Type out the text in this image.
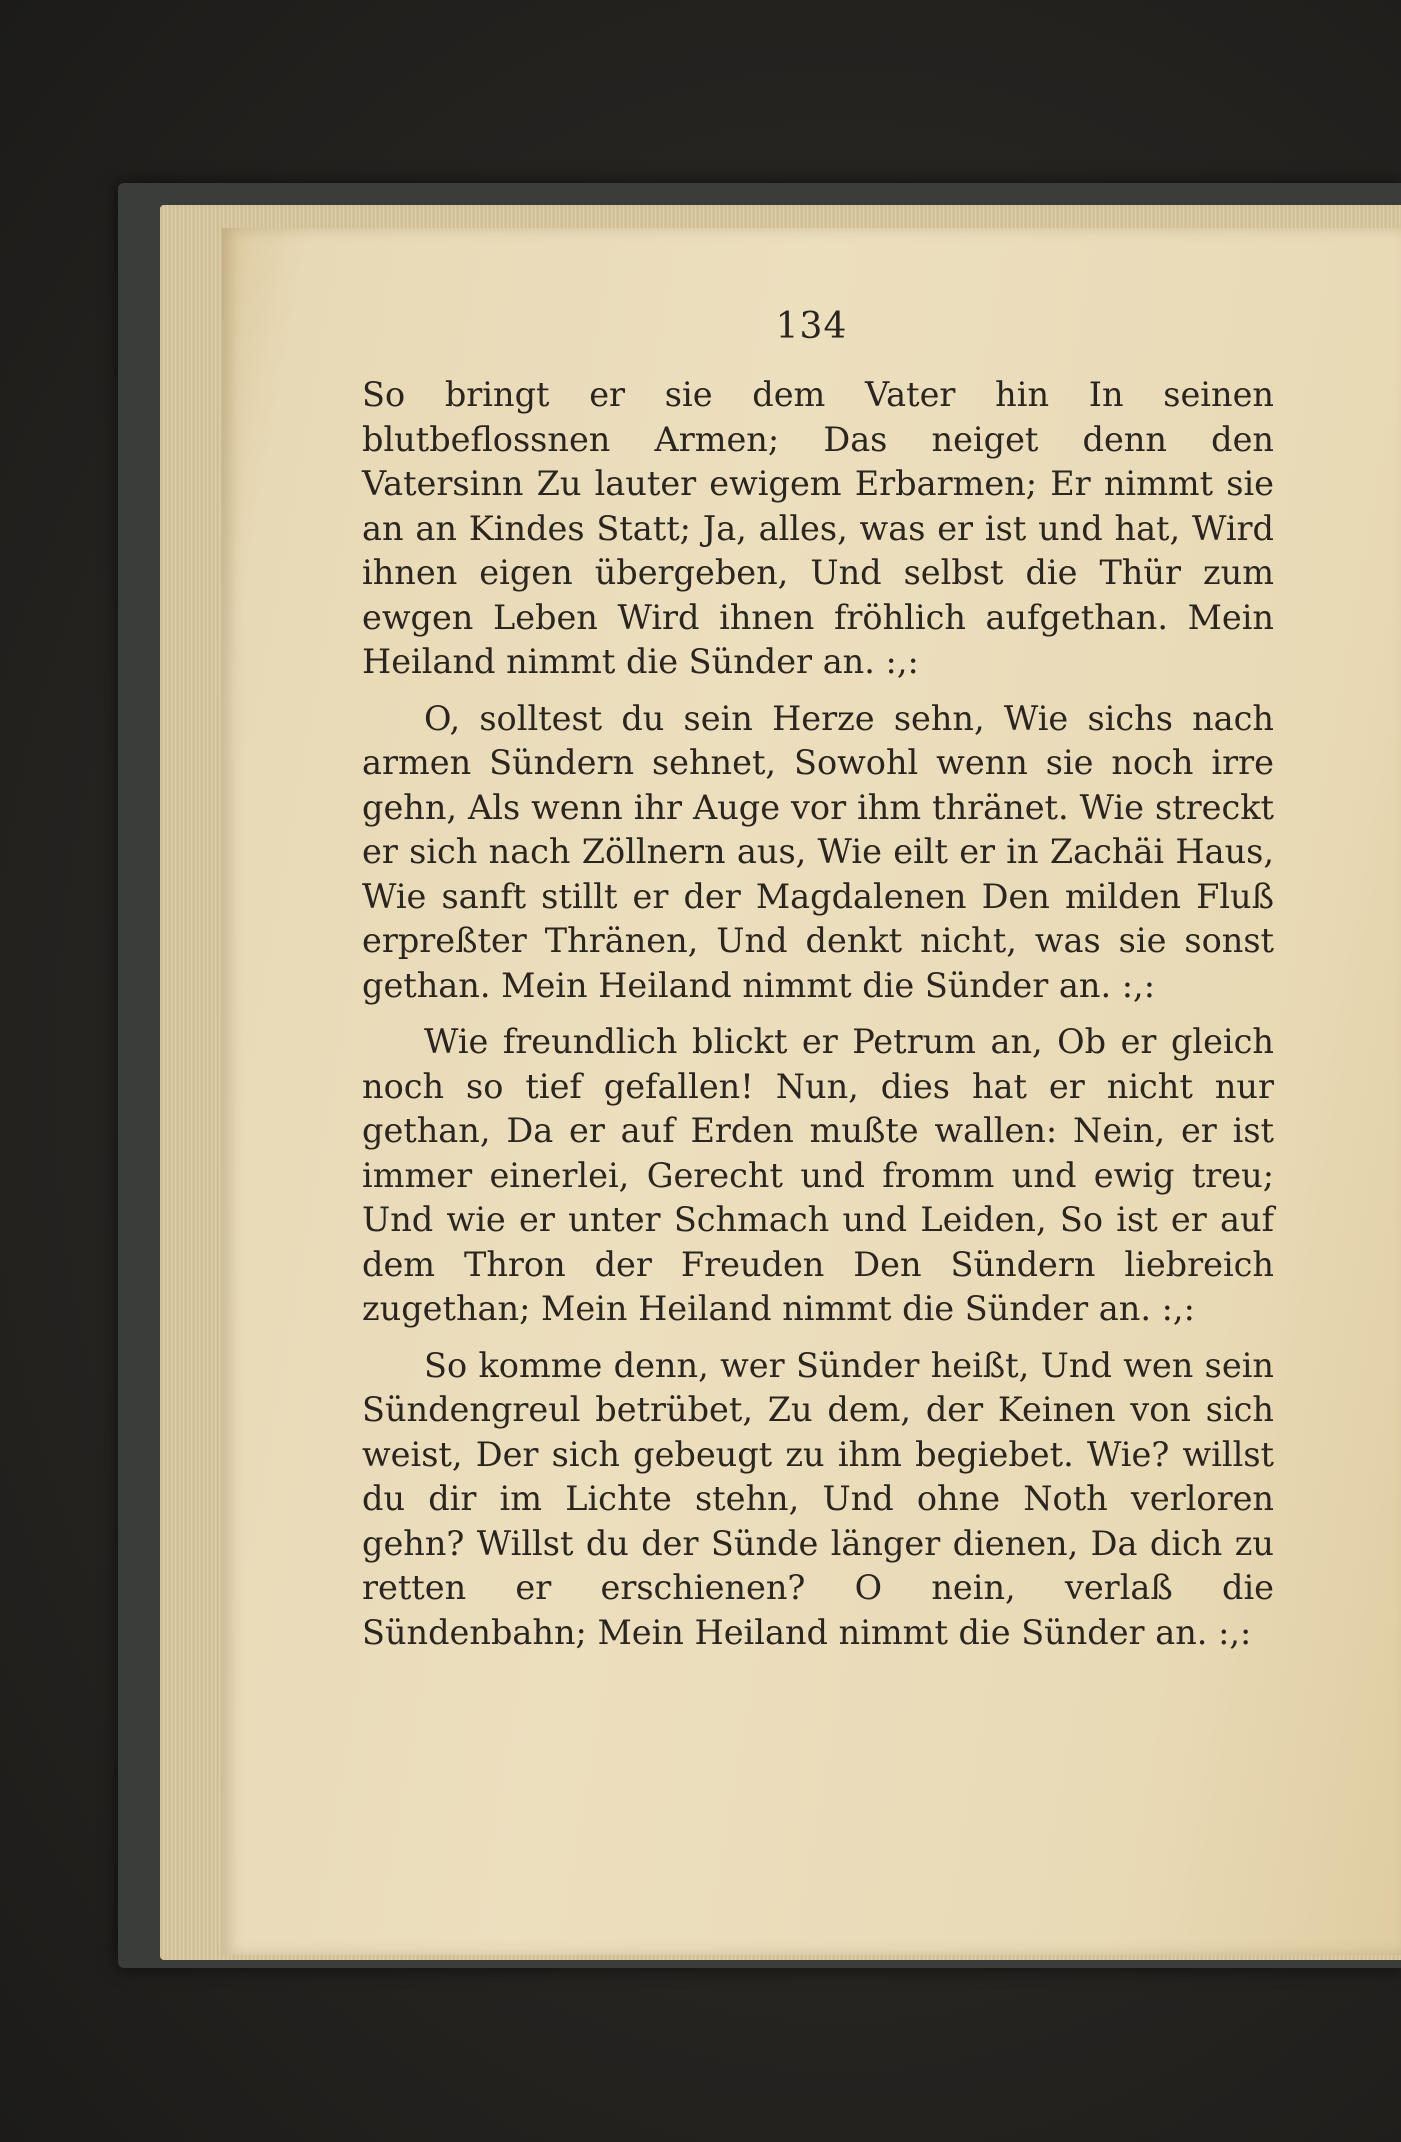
134

So bringt er sie dem Vater hin In seinen blutbeflossnen Armen; Das neiget denn den Vatersinn Zu lauter ewigem Erbarmen; Er nimmt sie an an Kindes Statt; Ja, alles, was er ist und hat, Wird ihnen eigen übergeben, Und selbst die Thür zum ewgen Leben Wird ihnen fröhlich aufgethan. Mein Heiland nimmt die Sünder an. :,:

O, solltest du sein Herze sehn, Wie sichs nach armen Sündern sehnet, Sowohl wenn sie noch irre gehn, Als wenn ihr Auge vor ihm thränet. Wie streckt er sich nach Zöllnern aus, Wie eilt er in Zachäi Haus, Wie sanft stillt er der Magdalenen Den milden Fluß erpreßter Thränen, Und denkt nicht, was sie sonst gethan. Mein Heiland nimmt die Sünder an. :,:

Wie freundlich blickt er Petrum an, Ob er gleich noch so tief gefallen! Nun, dies hat er nicht nur gethan, Da er auf Erden mußte wallen: Nein, er ist immer einerlei, Gerecht und fromm und ewig treu; Und wie er unter Schmach und Leiden, So ist er auf dem Thron der Freuden Den Sündern liebreich zugethan; Mein Heiland nimmt die Sünder an. :,:

So komme denn, wer Sünder heißt, Und wen sein Sündengreul betrübet, Zu dem, der Keinen von sich weist, Der sich gebeugt zu ihm begiebet. Wie? willst du dir im Lichte stehn, Und ohne Noth verloren gehn? Willst du der Sünde länger dienen, Da dich zu retten er erschienen? O nein, verlaß die Sündenbahn; Mein Heiland nimmt die Sünder an. :,:
